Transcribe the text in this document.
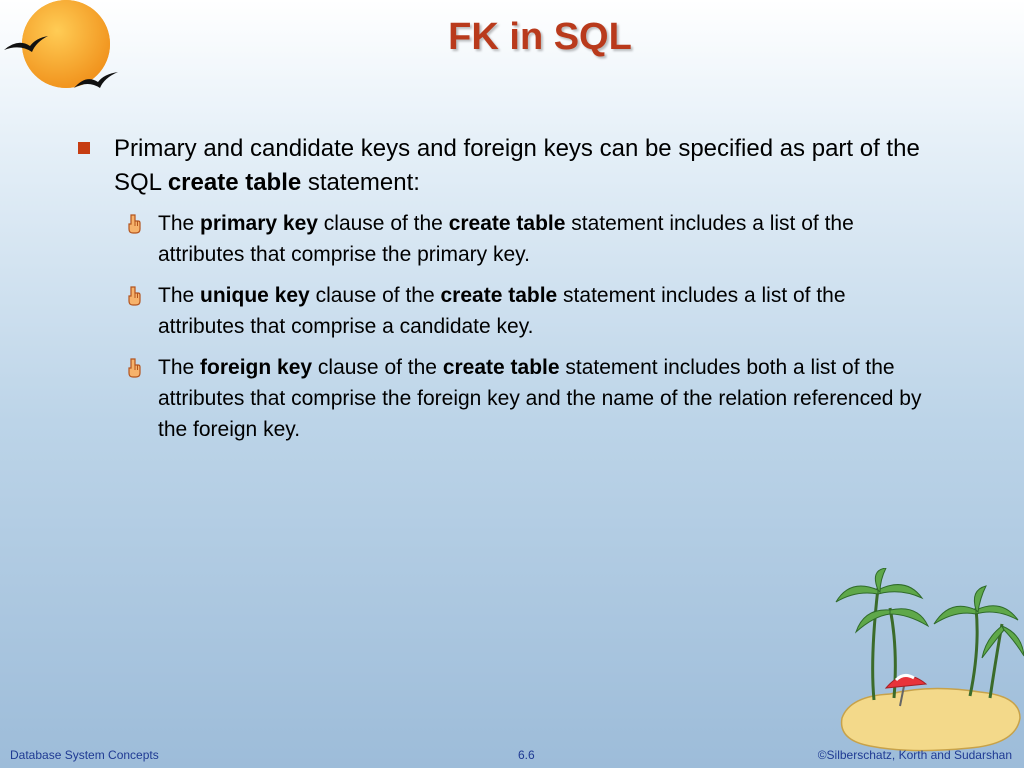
FK in SQL
Primary and candidate keys and foreign keys can be specified as part of the SQL create table statement:
The primary key clause of the create table statement includes a list of the attributes that comprise the primary key.
The unique key clause of the create table statement includes a list of the attributes that comprise a candidate key.
The foreign key clause of the create table statement includes both a list of the attributes that comprise the foreign key and the name of the relation referenced by the foreign key.
Database System Concepts	6.6	©Silberschatz, Korth and Sudarshan
